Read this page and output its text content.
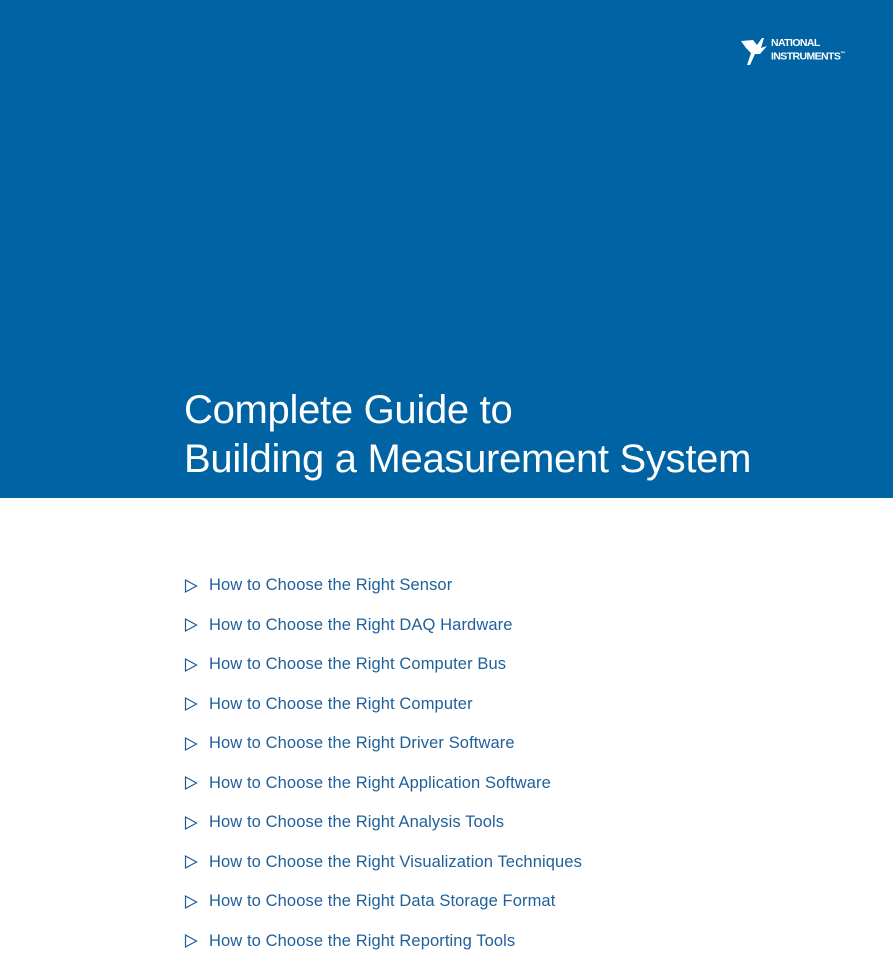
NATIONAL
INSTRUMENTS™
Complete Guide to
Building a Measurement System
How to Choose the Right Sensor
How to Choose the Right DAQ Hardware
How to Choose the Right Computer Bus
How to Choose the Right Computer
How to Choose the Right Driver Software
How to Choose the Right Application Software
How to Choose the Right Analysis Tools
How to Choose the Right Visualization Techniques
How to Choose the Right Data Storage Format
How to Choose the Right Reporting Tools
